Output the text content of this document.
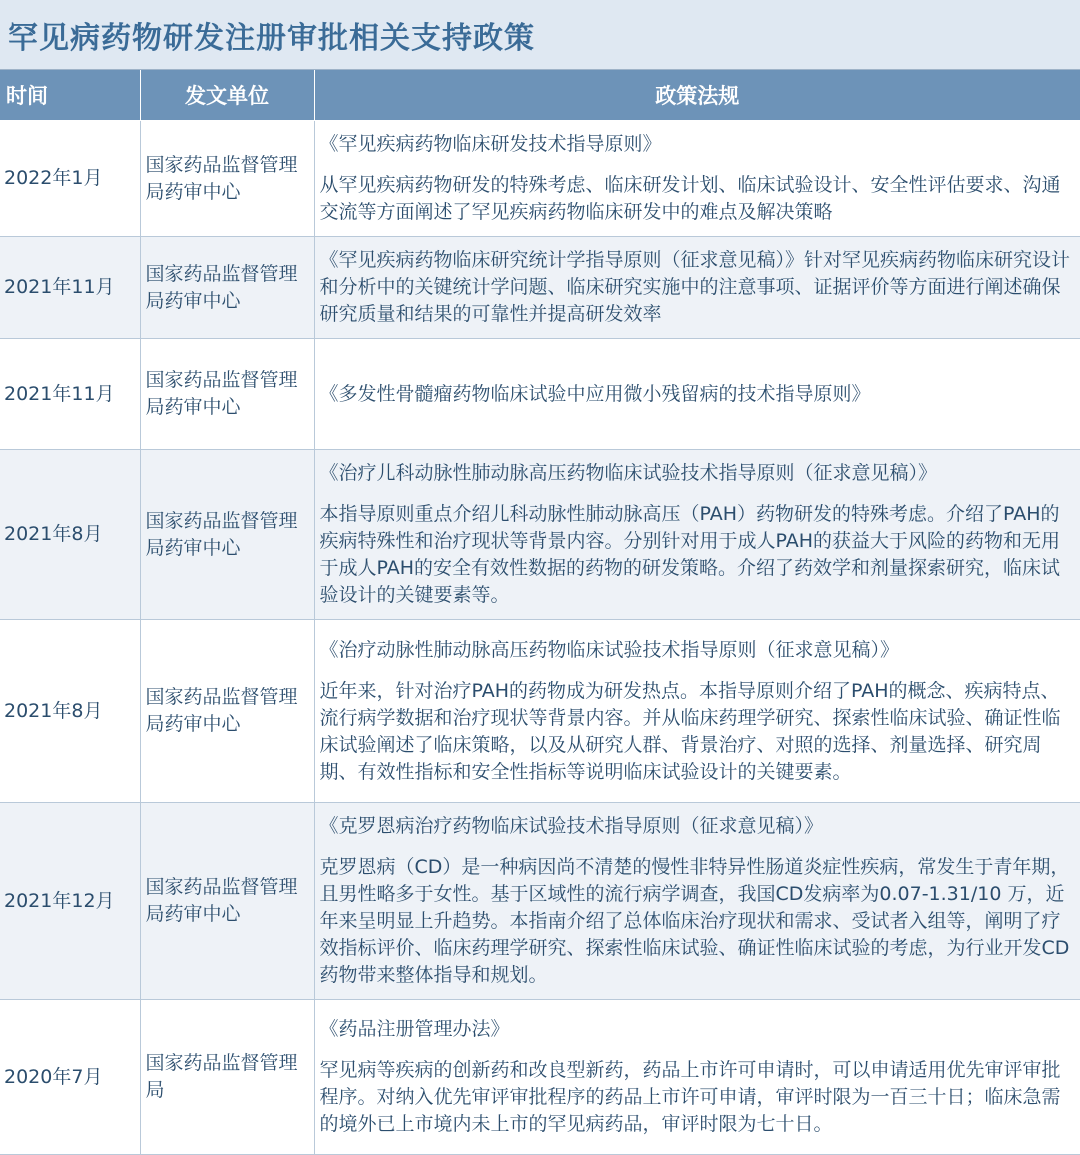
罕见病药物研发注册审批相关支持政策
时间	发文单位	政策法规
2022年1月	国家药品监督管理局药审中心	《罕见疾病药物临床研发技术指导原则》
从罕见疾病药物研发的特殊考虑、临床研发计划、临床试验设计、安全性评估要求、沟通交流等方面阐述了罕见疾病药物临床研发中的难点及解决策略

2021年11月	国家药品监督管理局药审中心	《罕见疾病药物临床研究统计学指导原则（征求意见稿）》针对罕见疾病药物临床研究设计和分析中的关键统计学问题、临床研究实施中的注意事项、证据评价等方面进行阐述确保研究质量和结果的可靠性并提高研发效率

2021年11月	国家药品监督管理局药审中心	《多发性骨髓瘤药物临床试验中应用微小残留病的技术指导原则》

2021年8月	国家药品监督管理局药审中心	《治疗儿科动脉性肺动脉高压药物临床试验技术指导原则（征求意见稿）》
本指导原则重点介绍儿科动脉性肺动脉高压（PAH）药物研发的特殊考虑。介绍了PAH的疾病特殊性和治疗现状等背景内容。分别针对用于成人PAH的获益大于风险的药物和无用于成人PAH的安全有效性数据的药物的研发策略。介绍了药效学和剂量探索研究，临床试验设计的关键要素等。

2021年8月	国家药品监督管理局药审中心	《治疗动脉性肺动脉高压药物临床试验技术指导原则（征求意见稿）》
近年来，针对治疗PAH的药物成为研发热点。本指导原则介绍了PAH的概念、疾病特点、流行病学数据和治疗现状等背景内容。并从临床药理学研究、探索性临床试验、确证性临床试验阐述了临床策略，以及从研究人群、背景治疗、对照的选择、剂量选择、研究周期、有效性指标和安全性指标等说明临床试验设计的关键要素。

2021年12月	国家药品监督管理局药审中心	《克罗恩病治疗药物临床试验技术指导原则（征求意见稿）》
克罗恩病（CD）是一种病因尚不清楚的慢性非特异性肠道炎症性疾病，常发生于青年期，且男性略多于女性。基于区域性的流行病学调查，我国CD发病率为0.07-1.31/10 万，近年来呈明显上升趋势。本指南介绍了总体临床治疗现状和需求、受试者入组等，阐明了疗效指标评价、临床药理学研究、探索性临床试验、确证性临床试验的考虑，为行业开发CD药物带来整体指导和规划。

2020年7月	国家药品监督管理局	《药品注册管理办法》
罕见病等疾病的创新药和改良型新药，药品上市许可申请时，可以申请适用优先审评审批程序。对纳入优先审评审批程序的药品上市许可申请，审评时限为一百三十日；临床急需的境外已上市境内未上市的罕见病药品，审评时限为七十日。
